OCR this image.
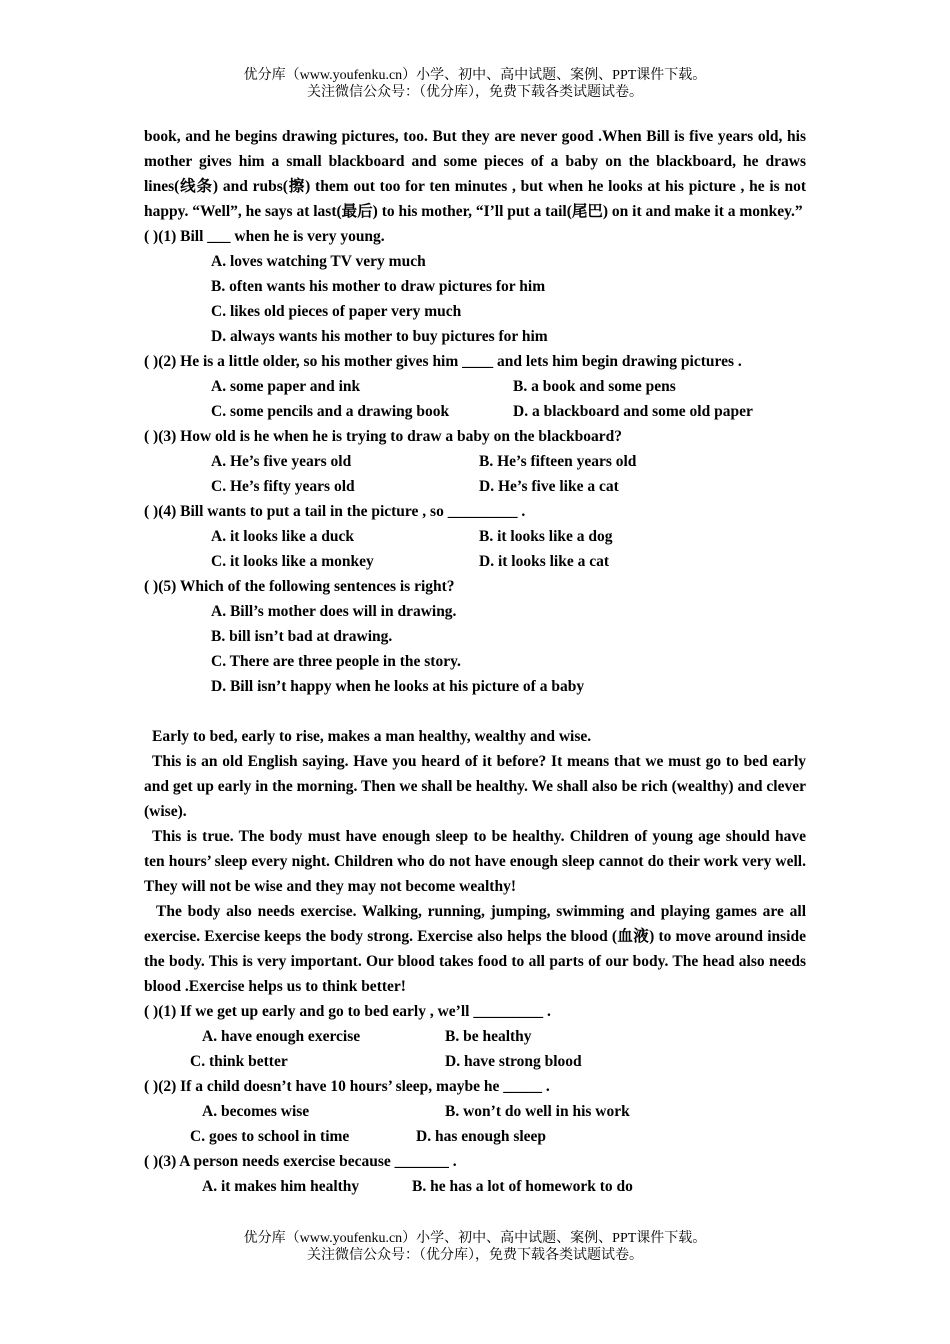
优分库（www.youfenku.cn）小学、初中、高中试题、案例、PPT课件下载。
关注微信公众号：（优分库），免费下载各类试题试卷。

book, and he begins drawing pictures, too. But they are never good .When Bill is five years old, his mother gives him a small blackboard and some pieces of a baby on the blackboard, he draws lines(线条) and rubs(擦) them out too for ten minutes , but when he looks at his picture , he is not happy. “Well”, he says at last(最后) to his mother, “I’ll put a tail(尾巴) on it and make it a monkey.”

( )(1) Bill ___ when he is very young.
A. loves watching TV very much
B. often wants his mother to draw pictures for him
C. likes old pieces of paper very much
D. always wants his mother to buy pictures for him
( )(2) He is a little older, so his mother gives him ____ and lets him begin drawing pictures .
A. some paper and ink	B. a book and some pens
C. some pencils and a drawing book	D. a blackboard and some old paper
( )(3) How old is he when he is trying to draw a baby on the blackboard?
A. He’s five years old	B. He’s fifteen years old
C. He’s fifty years old	D. He’s five like a cat
( )(4) Bill wants to put a tail in the picture , so _________ .
A. it looks like a duck	B. it looks like a dog
C. it looks like a monkey	D. it looks like a cat
( )(5) Which of the following sentences is right?
A. Bill’s mother does will in drawing.
B. bill isn’t bad at drawing.
C. There are three people in the story.
D. Bill isn’t happy when he looks at his picture of a baby

Early to bed, early to rise, makes a man healthy, wealthy and wise.

This is an old English saying. Have you heard of it before? It means that we must go to bed early and get up early in the morning. Then we shall be healthy. We shall also be rich (wealthy) and clever (wise).

This is true. The body must have enough sleep to be healthy. Children of young age should have ten hours’ sleep every night. Children who do not have enough sleep cannot do their work very well. They will not be wise and they may not become wealthy!

The body also needs exercise. Walking, running, jumping, swimming and playing games are all exercise. Exercise keeps the body strong. Exercise also helps the blood (血液) to move around inside the body. This is very important. Our blood takes food to all parts of our body. The head also needs blood .Exercise helps us to think better!

( )(1) If we get up early and go to bed early , we’ll _________ .
A. have enough exercise	B. be healthy
C. think better	D. have strong blood
( )(2) If a child doesn’t have 10 hours’ sleep, maybe he _____ .
A. becomes wise	B. won’t do well in his work
C. goes to school in time	D. has enough sleep
( )(3) A person needs exercise because _______ .
A. it makes him healthy	B. he has a lot of homework to do
优分库（www.youfenku.cn）小学、初中、高中试题、案例、PPT课件下载。
关注微信公众号：（优分库），免费下载各类试题试卷。
